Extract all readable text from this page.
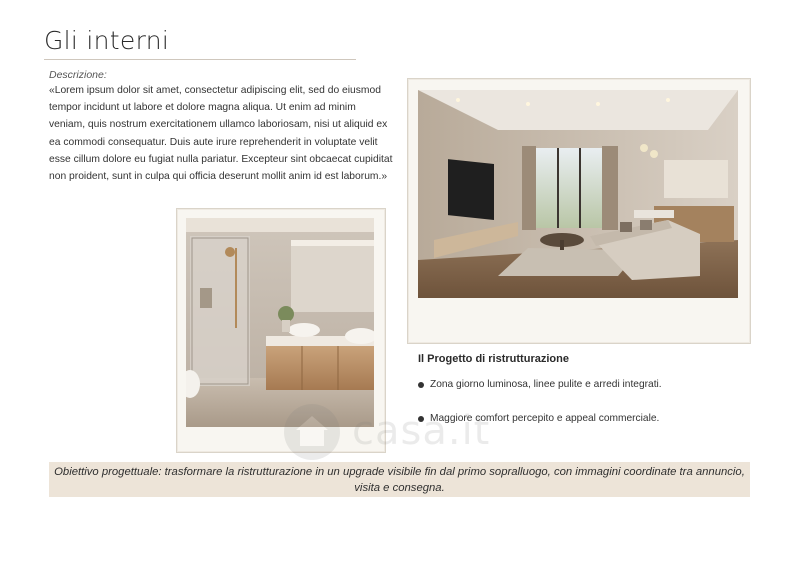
Gli interni
Descrizione:
«Lorem ipsum dolor sit amet, consectetur adipiscing elit, sed do eiusmod tempor incidunt ut labore et dolore magna aliqua. Ut enim ad minim veniam, quis nostrum exercitationem ullamco laboriosam, nisi ut aliquid ex ea commodi consequatur. Duis aute irure reprehenderit in voluptate velit esse cillum dolore eu fugiat nulla pariatur. Excepteur sint obcaecat cupiditat non proident, sunt in culpa qui officia deserunt mollit anim id est laborum.»
Il Progetto di ristrutturazione
Zona giorno luminosa, linee pulite e arredi integrati.
Maggiore comfort percepito e appeal commerciale.
casa.it
Obiettivo progettuale: trasformare la ristrutturazione in un upgrade visibile fin dal primo sopralluogo, con immagini coordinate tra annuncio, visita e consegna.
